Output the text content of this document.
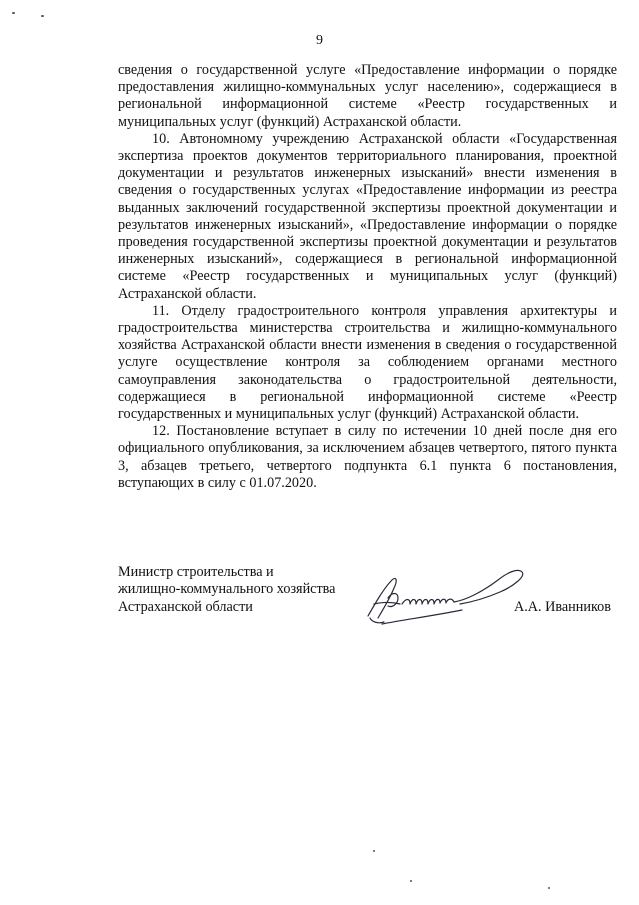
9

сведения о государственной услуге «Предоставление информации о порядке предоставления жилищно-коммунальных услуг населению», содержащиеся в региональной информационной системе «Реестр государственных и муниципальных услуг (функций) Астраханской области.

10. Автономному учреждению Астраханской области «Государственная экспертиза проектов документов территориального планирования, проектной документации и результатов инженерных изысканий» внести изменения в сведения о государственных услугах «Предоставление информации из реестра выданных заключений государственной экспертизы проектной документации и результатов инженерных изысканий», «Предоставление информации о порядке проведения государственной экспертизы проектной документации и результатов инженерных изысканий», содержащиеся в региональной информационной системе «Реестр государственных и муниципальных услуг (функций) Астраханской области.

11. Отделу градостроительного контроля управления архитектуры и градостроительства министерства строительства и жилищно-коммунального хозяйства Астраханской области внести изменения в сведения о государственной услуге осуществление контроля за соблюдением органами местного самоуправления законодательства о градостроительной деятельности, содержащиеся в региональной информационной системе «Реестр государственных и муниципальных услуг (функций) Астраханской области.

12. Постановление вступает в силу по истечении 10 дней после дня его официального опубликования, за исключением абзацев четвертого, пятого пункта 3, абзацев третьего, четвертого подпункта 6.1 пункта 6 постановления, вступающих в силу с 01.07.2020.

Министр строительства и
жилищно-коммунального хозяйства
Астраханской области	А.А. Иванников
